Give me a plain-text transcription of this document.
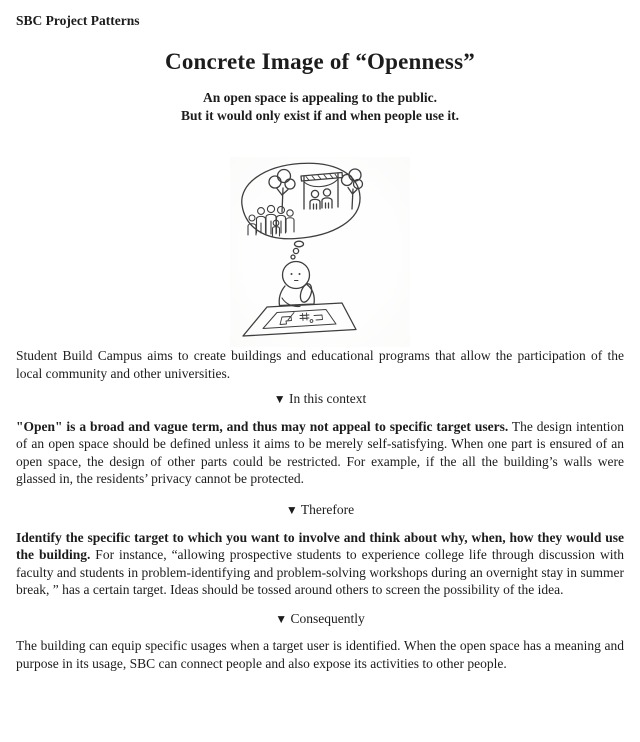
SBC Project Patterns
Concrete Image of “Openness”
An open space is appealing to the public.
But it would only exist if and when people use it.

Student Build Campus aims to create buildings and educational programs that allow the participation of the local community and other universities.

▼ In this context

"Open" is a broad and vague term, and thus may not appeal to specific target users. The design intention of an open space should be defined unless it aims to be merely self-satisfying. When one part is ensured of an open space, the design of other parts could be restricted. For example, if the all the building’s walls were glassed in, the residents’ privacy cannot be protected.

▼ Therefore

Identify the specific target to which you want to involve and think about why, when, how they would use the building. For instance, “allowing prospective students to experience college life through discussion with faculty and students in problem-identifying and problem-solving workshops during an overnight stay in summer break, ” has a certain target. Ideas should be tossed around others to screen the possibility of the idea.

▼ Consequently

The building can equip specific usages when a target user is identified. When the open space has a meaning and purpose in its usage, SBC can connect people and also expose its activities to other people.
